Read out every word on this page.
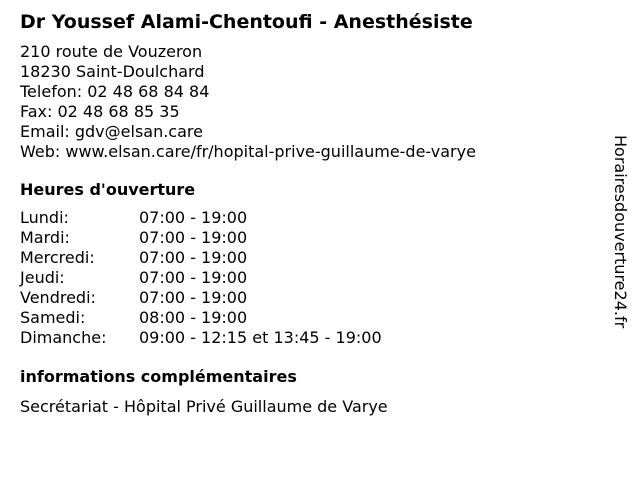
Dr Youssef Alami-Chentoufi - Anesthésiste
210 route de Vouzeron
18230 Saint-Doulchard
Telefon: 02 48 68 84 84
Fax: 02 48 68 85 35
Email: gdv@elsan.care
Web: www.elsan.care/fr/hopital-prive-guillaume-de-varye
Heures d'ouverture
Lundi:	07:00 - 19:00
Mardi:	07:00 - 19:00
Mercredi:	07:00 - 19:00
Jeudi:	07:00 - 19:00
Vendredi:	07:00 - 19:00
Samedi:	08:00 - 19:00
Dimanche: 09:00 - 12:15 et 13:45 - 19:00
informations complémentaires
Secrétariat - Hôpital Privé Guillaume de Varye
Horairesdouverture24.fr
